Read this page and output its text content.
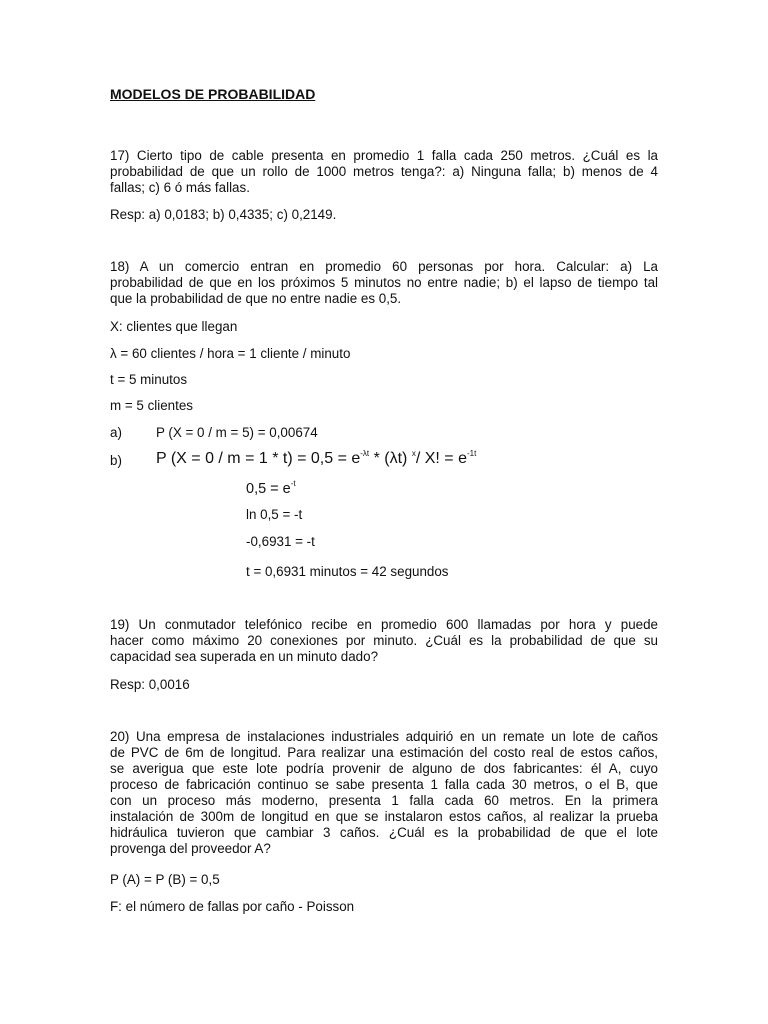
MODELOS DE PROBABILIDAD
17) Cierto tipo de cable presenta en promedio 1 falla cada 250 metros. ¿Cuál es la
probabilidad de que un rollo de 1000 metros tenga?: a) Ninguna falla; b) menos de 4
fallas; c) 6 ó más fallas.
Resp: a) 0,0183; b) 0,4335; c) 0,2149.
18) A un comercio entran en promedio 60 personas por hora. Calcular: a) La
probabilidad de que en los próximos 5 minutos no entre nadie; b) el lapso de tiempo tal
que la probabilidad de que no entre nadie es 0,5.
X: clientes que llegan
λ = 60 clientes / hora = 1 cliente / minuto
t = 5 minutos
m = 5 clientes
a)	P (X = 0 / m = 5) = 0,00674
b) P $(X = 0 / m = 1 * t) = 0,5 = e^{-\lambda t} * (\lambda t)$ $^x$/ X! = $e^{-1t}$
$0,5 = e^{-t}$
ln 0,5 = -t
-0,6931 = -t
t = 0,6931 minutos = 42 segundos
19) Un conmutador telefónico recibe en promedio 600 llamadas por hora y puede
hacer como máximo 20 conexiones por minuto. ¿Cuál es la probabilidad de que su
capacidad sea superada en un minuto dado?
Resp: 0,0016
20) Una empresa de instalaciones industriales adquirió en un remate un lote de caños
de PVC de 6m de longitud. Para realizar una estimación del costo real de estos caños,
se averigua que este lote podría provenir de alguno de dos fabricantes: él A, cuyo
proceso de fabricación continuo se sabe presenta 1 falla cada 30 metros, o el B, que
con un proceso más moderno, presenta 1 falla cada 60 metros. En la primera
instalación de 300m de longitud en que se instalaron estos caños, al realizar la prueba
hidráulica tuvieron que cambiar 3 caños. ¿Cuál es la probabilidad de que el lote
provenga del proveedor A?
P (A) = P (B) = 0,5
F: el número de fallas por caño - Poisson
